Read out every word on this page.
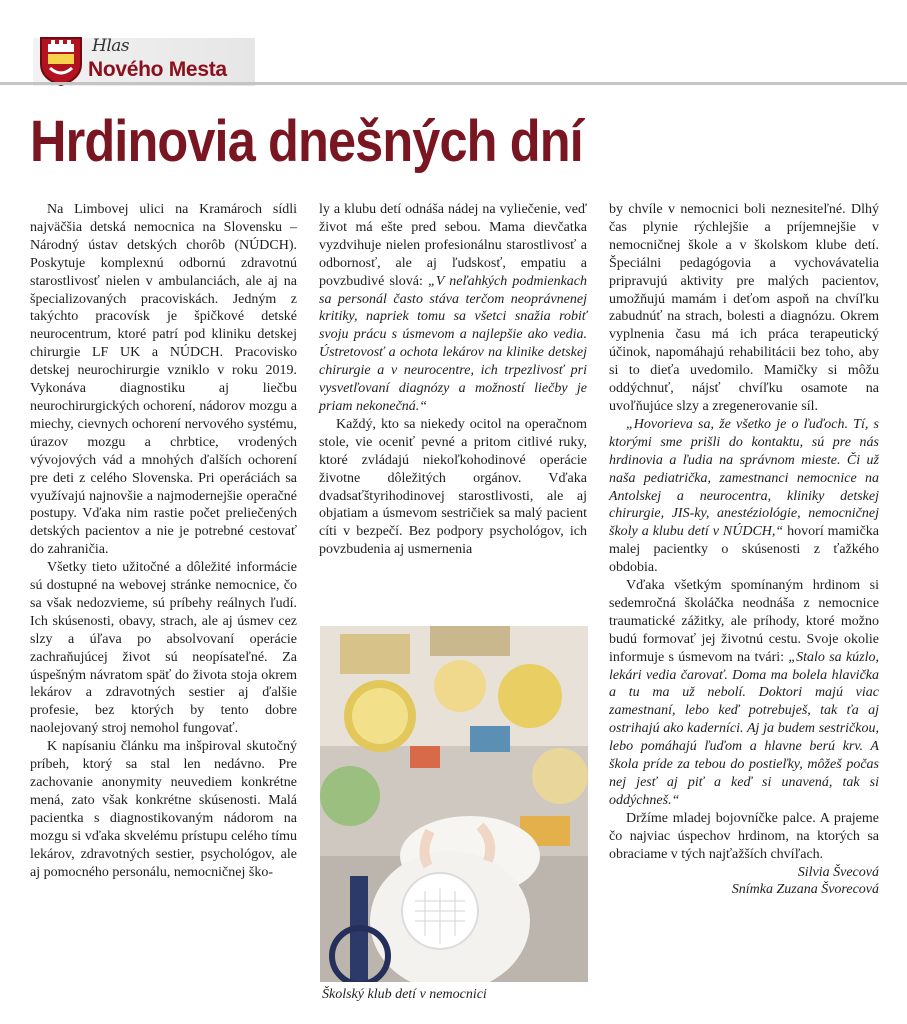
Hlas
Nového Mesta
Hrdinovia dnešných dní

Na Limbovej ulici na Kramároch sídli najväčšia detská nemocnica na Slovensku – Národný ústav detských chorôb (NÚDCH). Poskytuje komplexnú odbornú zdravotnú starostlivosť nielen v ambulanciách, ale aj na špecializovaných pracoviskách. Jedným z takýchto pracovísk je špičkové detské neurocentrum, ktoré patrí pod kliniku detskej chirurgie LF UK a NÚDCH. Pracovisko detskej neurochirurgie vzniklo v roku 2019. Vykonáva diagnostiku aj liečbu neurochirurgických ochorení, nádorov mozgu a miechy, cievnych ochorení nervového systému, úrazov mozgu a chrbtice, vrodených vývojových vád a mnohých ďalších ochorení pre deti z celého Slovenska. Pri operáciách sa využívajú najnovšie a najmodernejšie operačné postupy. Vďaka nim rastie počet preliečených detských pacientov a nie je potrebné cestovať do zahraničia.

Všetky tieto užitočné a dôležité informácie sú dostupné na webovej stránke nemocnice, čo sa však nedozvieme, sú príbehy reálnych ľudí. Ich skúsenosti, obavy, strach, ale aj úsmev cez slzy a úľava po absolvovaní operácie zachraňujúcej život sú neopísateľné. Za úspešným návratom späť do života stoja okrem lekárov a zdravotných sestier aj ďalšie profesie, bez ktorých by tento dobre naolejovaný stroj nemohol fungovať.

K napísaniu článku ma inšpiroval skutočný príbeh, ktorý sa stal len nedávno. Pre zachovanie anonymity neuvediem konkrétne mená, zato však konkrétne skúsenosti. Malá pacientka s diagnostikovaným nádorom na mozgu si vďaka skvelému prístupu celého tímu lekárov, zdravotných sestier, psychológov, ale aj pomocného personálu, nemocničnej ško-

ly a klubu detí odnáša nádej na vyliečenie, veď život má ešte pred sebou. Mama dievčatka vyzdvihuje nielen profesionálnu starostlivosť a odbornosť, ale aj ľudskosť, empatiu a povzbudivé slová: „V neľahkých podmienkach sa personál často stáva terčom neoprávnenej kritiky, napriek tomu sa všetci snažia robiť svoju prácu s úsmevom a najlepšie ako vedia. Ústretovosť a ochota lekárov na klinike detskej chirurgie a v neurocentre, ich trpezlivosť pri vysvetľovaní diagnózy a možností liečby je priam nekonečná.“

Každý, kto sa niekedy ocitol na operačnom stole, vie oceniť pevné a pritom citlivé ruky, ktoré zvládajú niekoľkohodinové operácie životne dôležitých orgánov. Vďaka dvadsaťštyrihodinovej starostlivosti, ale aj objatiam a úsmevom sestričiek sa malý pacient cíti v bezpečí. Bez podpory psychológov, ich povzbudenia aj usmernenia

Školský klub detí v nemocnici

by chvíle v nemocnici boli neznesiteľné. Dlhý čas plynie rýchlejšie a príjemnejšie v nemocničnej škole a v školskom klube detí. Špeciálni pedagógovia a vychovávatelia pripravujú aktivity pre malých pacientov, umožňujú mamám i deťom aspoň na chvíľku zabudnúť na strach, bolesti a diagnózu. Okrem vyplnenia času má ich práca terapeutický účinok, napomáhajú rehabilitácii bez toho, aby si to dieťa uvedomilo. Mamičky si môžu oddýchnuť, nájsť chvíľku osamote na uvoľňujúce slzy a zregenerovanie síl.

„Hovorievа sa, že všetko je o ľuďoch. Tí, s ktorými sme prišli do kontaktu, sú pre nás hrdinovia a ľudia na správnom mieste. Či už naša pediatrička, zamestnanci nemocnice na Antolskej a neurocentra, kliniky detskej chirurgie, JIS-ky, anestéziológie, nemocničnej školy a klubu detí v NÚDCH,“ hovorí mamička malej pacientky o skúsenosti z ťažkého obdobia.

Vďaka všetkým spomínaným hrdinom si sedemročná školáčka neodnáša z nemocnice traumatické zážitky, ale príhody, ktoré možno budú formovať jej životnú cestu. Svoje okolie informuje s úsmevom na tvári: „Stalo sa kúzlo, lekári vedia čarovať. Doma ma bolela hlavička a tu ma už nebolí. Doktori majú viac zamestnaní, lebo keď potrebuješ, tak ťa aj ostrihajú ako kaderníci. Aj ja budem sestričkou, lebo pomáhajú ľuďom a hlavne berú krv. A škola príde za tebou do postieľky, môžeš počas nej jesť aj piť a keď si unavená, tak si oddýchneš.“

Držíme mladej bojovníčke palce. A prajeme čo najviac úspechov hrdinom, na ktorých sa obraciame v tých najťažších chvíľach.

Silvia Švecová
Snímka Zuzana Švorecová
